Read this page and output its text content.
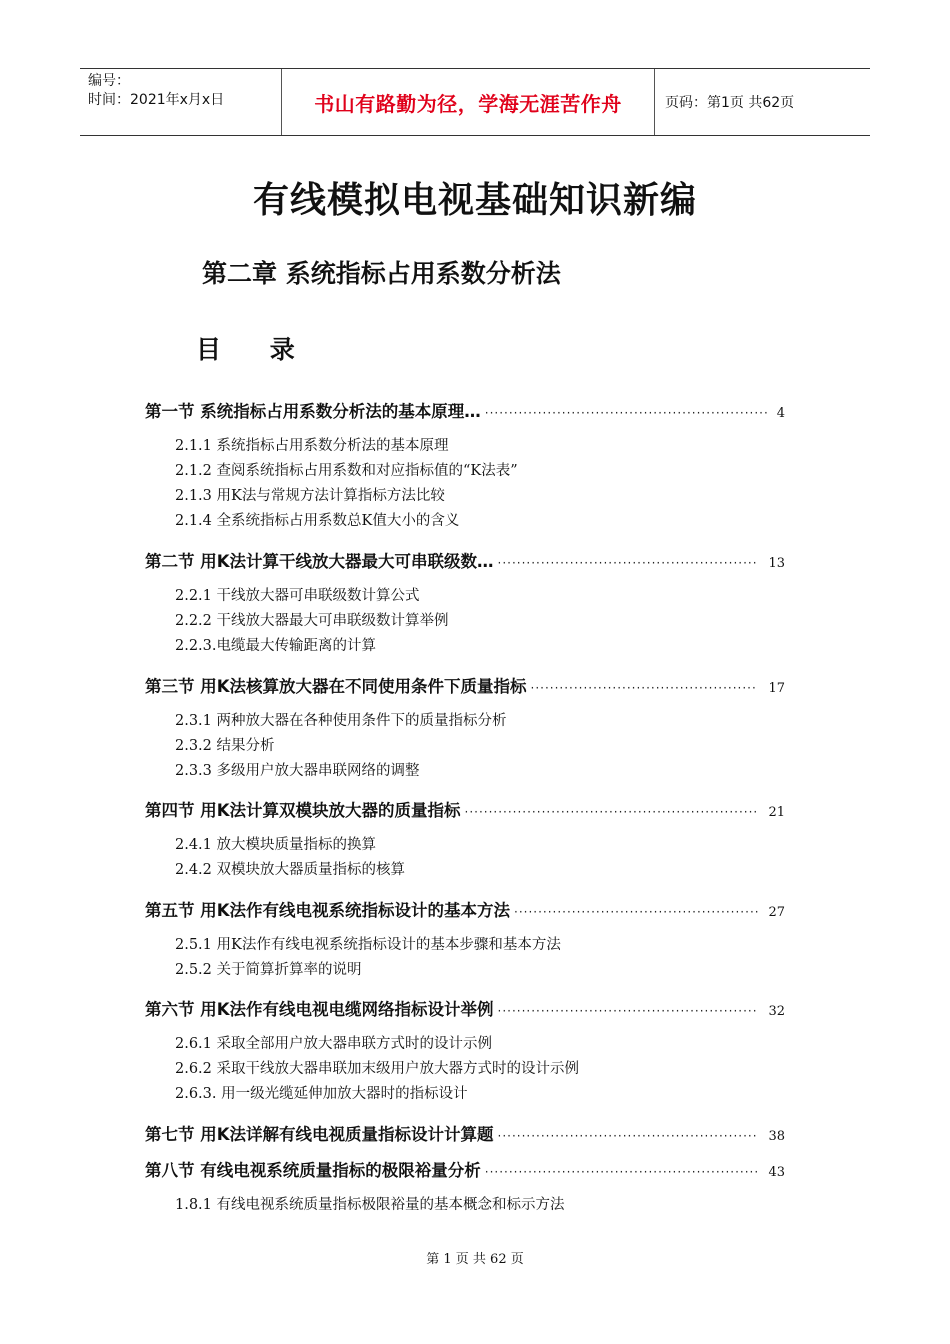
编号：
时间：2021年x月x日	书山有路勤为径，学海无涯苦作舟	页码：第1页 共62页
有线模拟电视基础知识新编
第二章 系统指标占用系数分析法
目 录
第一节 系统指标占用系数分析法的基本原理… ·····	4
2.1.1 系统指标占用系数分析法的基本原理
2.1.2 查阅系统指标占用系数和对应指标值的“K法表”
2.1.3 用K法与常规方法计算指标方法比较
2.1.4 全系统指标占用系数总K值大小的含义
第二节 用K法计算干线放大器最大可串联级数… ·····	13
2.2.1 干线放大器可串联级数计算公式
2.2.2 干线放大器最大可串联级数计算举例
2.2.3.电缆最大传输距离的计算
第三节 用K法核算放大器在不同使用条件下质量指标 ·····	17
2.3.1 两种放大器在各种使用条件下的质量指标分析
2.3.2 结果分析
2.3.3 多级用户放大器串联网络的调整
第四节 用K法计算双模块放大器的质量指标 ·····	21
2.4.1 放大模块质量指标的换算
2.4.2 双模块放大器质量指标的核算
第五节 用K法作有线电视系统指标设计的基本方法 ·····	27
2.5.1 用K法作有线电视系统指标设计的基本步骤和基本方法
2.5.2 关于简算折算率的说明
第六节 用K法作有线电视电缆网络指标设计举例 ·····	32
2.6.1 采取全部用户放大器串联方式时的设计示例
2.6.2 采取干线放大器串联加末级用户放大器方式时的设计示例
2.6.3. 用一级光缆延伸加放大器时的指标设计
第七节 用K法详解有线电视质量指标设计计算题 ·····	38
第八节 有线电视系统质量指标的极限裕量分析 ·····	43
1.8.1 有线电视系统质量指标极限裕量的基本概念和标示方法
第 1 页 共 62 页
